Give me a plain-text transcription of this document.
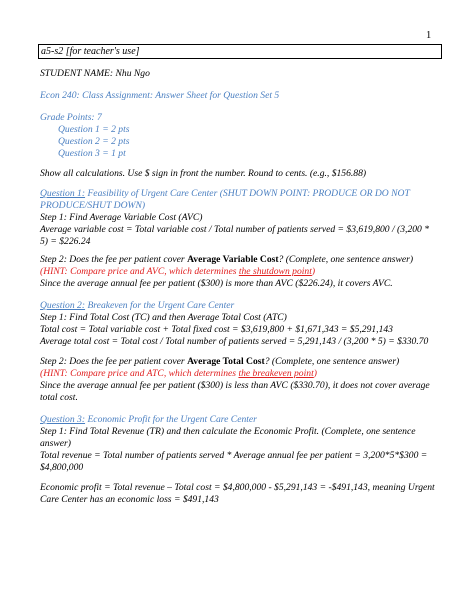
1
a5-s2 [for teacher's use]
STUDENT NAME: Nhu Ngo
Econ 240: Class Assignment: Answer Sheet for Question Set 5
Grade Points: 7
Question 1 = 2 pts
Question 2 = 2 pts
Question 3 = 1 pt
Show all calculations. Use $ sign in front the number. Round to cents. (e.g., $156.88)
Question 1: Feasibility of Urgent Care Center (SHUT DOWN POINT: PRODUCE OR DO NOT
PRODUCE/SHUT DOWN)
Step 1: Find Average Variable Cost (AVC)
Average variable cost = Total variable cost / Total number of patients served = $3,619,800 / (3,200 *
5) = $226.24
Step 2: Does the fee per patient cover Average Variable Cost? (Complete, one sentence answer)
(HINT: Compare price and AVC, which determines the shutdown point)
Since the average annual fee per patient ($300) is more than AVC ($226.24), it covers AVC.
Question 2: Breakeven for the Urgent Care Center
Step 1: Find Total Cost (TC) and then Average Total Cost (ATC)
Total cost = Total variable cost + Total fixed cost = $3,619,800 + $1,671,343 = $5,291,143
Average total cost = Total cost / Total number of patients served = 5,291,143 / (3,200 * 5) = $330.70
Step 2: Does the fee per patient cover Average Total Cost? (Complete, one sentence answer)
(HINT: Compare price and ATC, which determines the breakeven point)
Since the average annual fee per patient ($300) is less than AVC ($330.70), it does not cover average
total cost.
Question 3: Economic Profit for the Urgent Care Center
Step 1: Find Total Revenue (TR) and then calculate the Economic Profit. (Complete, one sentence
answer)
Total revenue = Total number of patients served * Average annual fee per patient = 3,200*5*$300 =
$4,800,000
Economic profit = Total revenue – Total cost = $4,800,000 - $5,291,143 = -$491,143, meaning Urgent
Care Center has an economic loss = $491,143
